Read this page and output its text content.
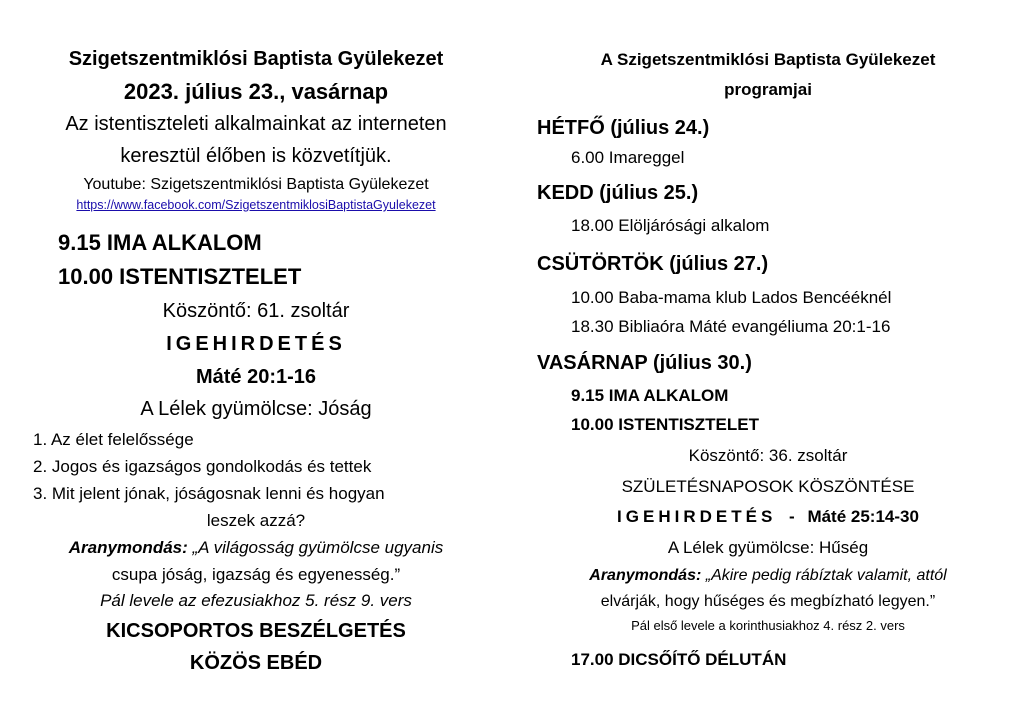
Szigetszentmiklósi Baptista Gyülekezet
2023. július 23., vasárnap
Az istentiszteleti alkalmainkat az interneten
keresztül élőben is közvetítjük.
Youtube: Szigetszentmiklósi Baptista Gyülekezet
https://www.facebook.com/SzigetszentmiklosiBaptistaGyulekezet
9.15 IMA ALKALOM
10.00 ISTENTISZTELET
Köszöntő: 61. zsoltár
IGEHIRDETÉS
Máté 20:1-16
A Lélek gyümölcse: Jóság
1. Az élet felelőssége
2. Jogos és igazságos gondolkodás és tettek
3. Mit jelent jónak, jóságosnak lenni és hogyan
leszek azzá?
Aranymondás: „A világosság gyümölcse ugyanis
csupa jóság, igazság és egyenesség.”
Pál levele az efezusiakhoz 5. rész 9. vers
KICSOPORTOS BESZÉLGETÉS
KÖZÖS EBÉD
A Szigetszentmiklósi Baptista Gyülekezet
programjai
HÉTFŐ (július 24.)
6.00 Imareggel
KEDD (július 25.)
18.00 Elöljárósági alkalom
CSÜTÖRTÖK (július 27.)
10.00 Baba-mama klub Lados Bencééknél
18.30 Bibliaóra Máté evangéliuma 20:1-16
VASÁRNAP (július 30.)
9.15 IMA ALKALOM
10.00 ISTENTISZTELET
Köszöntő: 36. zsoltár
SZÜLETÉSNAPOSOK KÖSZÖNTÉSE
IGEHIRDETÉS - Máté 25:14-30
A Lélek gyümölcse: Hűség
Aranymondás: „Akire pedig rábíztak valamit, attól
elvárják, hogy hűséges és megbízható legyen.”
Pál első levele a korinthusiakhoz 4. rész 2. vers
17.00 DICSŐÍTŐ DÉLUTÁN
